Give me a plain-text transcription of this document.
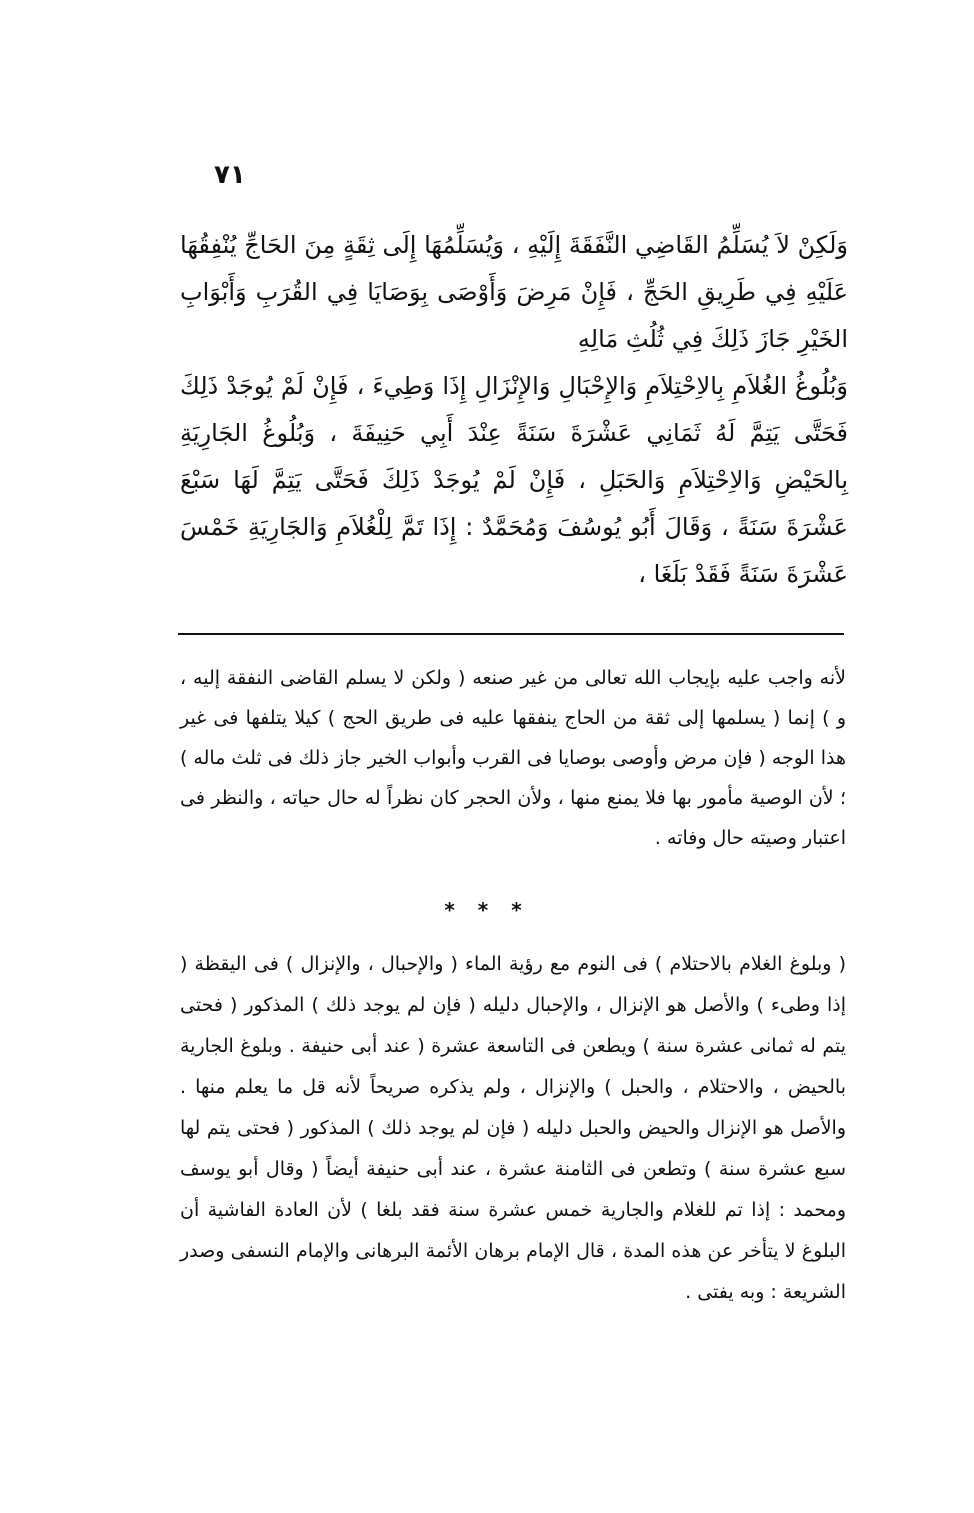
٧١

وَلَكِنْ لاَ يُسَلِّمُ القَاضِي النَّفَقَةَ إِلَيْهِ ، وَيُسَلِّمُهَا إِلَى ثِقَةٍ مِنَ الحَاجِّ يُنْفِقُهَا عَلَيْهِ فِي طَرِيقِ الحَجِّ ، فَإِنْ مَرِضَ وَأَوْصَى بِوَصَايَا فِي القُرَبِ وَأَبْوَابِ الخَيْرِ جَازَ ذَلِكَ فِي ثُلُثِ مَالِهِ

وَبُلُوغُ الغُلاَمِ بِالاِحْتِلاَمِ وَالإِحْبَالِ وَالإِنْزَالِ إِذَا وَطِيءَ ، فَإِنْ لَمْ يُوجَدْ ذَلِكَ فَحَتَّى يَتِمَّ لَهُ ثَمَانِي عَشْرَةَ سَنَةً عِنْدَ أَبِي حَنِيفَةَ ، وَبُلُوغُ الجَارِيَةِ بِالحَيْضِ وَالاِحْتِلاَمِ وَالحَبَلِ ، فَإِنْ لَمْ يُوجَدْ ذَلِكَ فَحَتَّى يَتِمَّ لَهَا سَبْعَ عَشْرَةَ سَنَةً ، وَقَالَ أَبُو يُوسُفَ وَمُحَمَّدٌ : إِذَا تَمَّ لِلْغُلاَمِ وَالجَارِيَةِ خَمْسَ عَشْرَةَ سَنَةً فَقَدْ بَلَغَا ،

لأنه واجب عليه بإيجاب الله تعالى من غير صنعه ( ولكن لا يسلم القاضى النفقة إليه ، و ) إنما ( يسلمها إلى ثقة من الحاج ينفقها عليه فى طريق الحج ) كيلا يتلفها فى غير هذا الوجه ( فإن مرض وأوصى بوصايا فى القرب وأبواب الخير جاز ذلك فى ثلث ماله ) ؛ لأن الوصية مأمور بها فلا يمنع منها ، ولأن الحجر كان نظراً له حال حياته ، والنظر فى اعتبار وصيته حال وفاته .
* * *
( وبلوغ الغلام بالاحتلام ) فى النوم مع رؤية الماء ( والإحبال ، والإنزال ) فى اليقظة ( إذا وطىء ) والأصل هو الإنزال ، والإحبال دليله ( فإن لم يوجد ذلك ) المذكور ( فحتى يتم له ثمانى عشرة سنة ) ويطعن فى التاسعة عشرة ( عند أبى حنيفة . وبلوغ الجارية بالحيض ، والاحتلام ، والحبل ) والإنزال ، ولم يذكره صريحاً لأنه قل ما يعلم منها . والأصل هو الإنزال والحيض والحبل دليله ( فإن لم يوجد ذلك ) المذكور ( فحتى يتم لها سبع عشرة سنة ) وتطعن فى الثامنة عشرة ، عند أبى حنيفة أيضاً ( وقال أبو يوسف ومحمد : إذا تم للغلام والجارية خمس عشرة سنة فقد بلغا ) لأن العادة الفاشية أن البلوغ لا يتأخر عن هذه المدة ، قال الإمام برهان الأئمة البرهانى والإمام النسفى وصدر الشريعة : وبه يفتى .
